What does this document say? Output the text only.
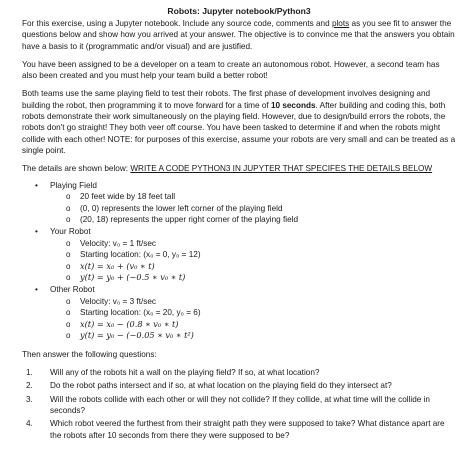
Robots: Jupyter notebook/Python3

For this exercise, using a Jupyter notebook. Include any source code, comments and plots as you see fit to answer the questions below and show how you arrived at your answer. The objective is to convince me that the answers you obtain have a basis to it (programmatic and/or visual) and are justified.

You have been assigned to be a developer on a team to create an autonomous robot. However, a second team has also been created and you must help your team build a better robot!

Both teams use the same playing field to test their robots. The first phase of development involves designing and building the robot, then programming it to move forward for a time of 10 seconds. After building and coding this, both robots demonstrate their work simultaneously on the playing field. However, due to design/build errors the robots, the robots don't go straight! They both veer off course. You have been tasked to determine if and when the robots might collide with each other! NOTE: for purposes of this exercise, assume your robots are very small and can be treated as a single point.

The details are shown below: WRITE A CODE PYTHON3 IN JUPYTER THAT SPECIFES THE DETAILS BELOW

• Playing Field
o 20 feet wide by 18 feet tall
o (0, 0) represents the lower left corner of the playing field
o (20, 18) represents the upper right corner of the playing field
• Your Robot
o Velocity: v₀ = 1 ft/sec
o Starting location: (x₀ = 0, y₀ = 12)
o x(t) = x₀ + (v₀ ∗ t)
o y(t) = y₀ + (−0.5 ∗ v₀ ∗ t)
• Other Robot
o Velocity: v₀ = 3 ft/sec
o Starting location: (x₀ = 20, y₀ = 6)
o x(t) = x₀ − (0.8 ∗ v₀ ∗ t)
o y(t) = y₀ − (−0.05 ∗ v₀ ∗ t²)

Then answer the following questions:

1. Will any of the robots hit a wall on the playing field? If so, at what location?
2. Do the robot paths intersect and if so, at what location on the playing field do they intersect at?
3. Will the robots collide with each other or will they not collide? If they collide, at what time will the collide in seconds?
4. Which robot veered the furthest from their straight path they were supposed to take? What distance apart are the robots after 10 seconds from there they were supposed to be?
